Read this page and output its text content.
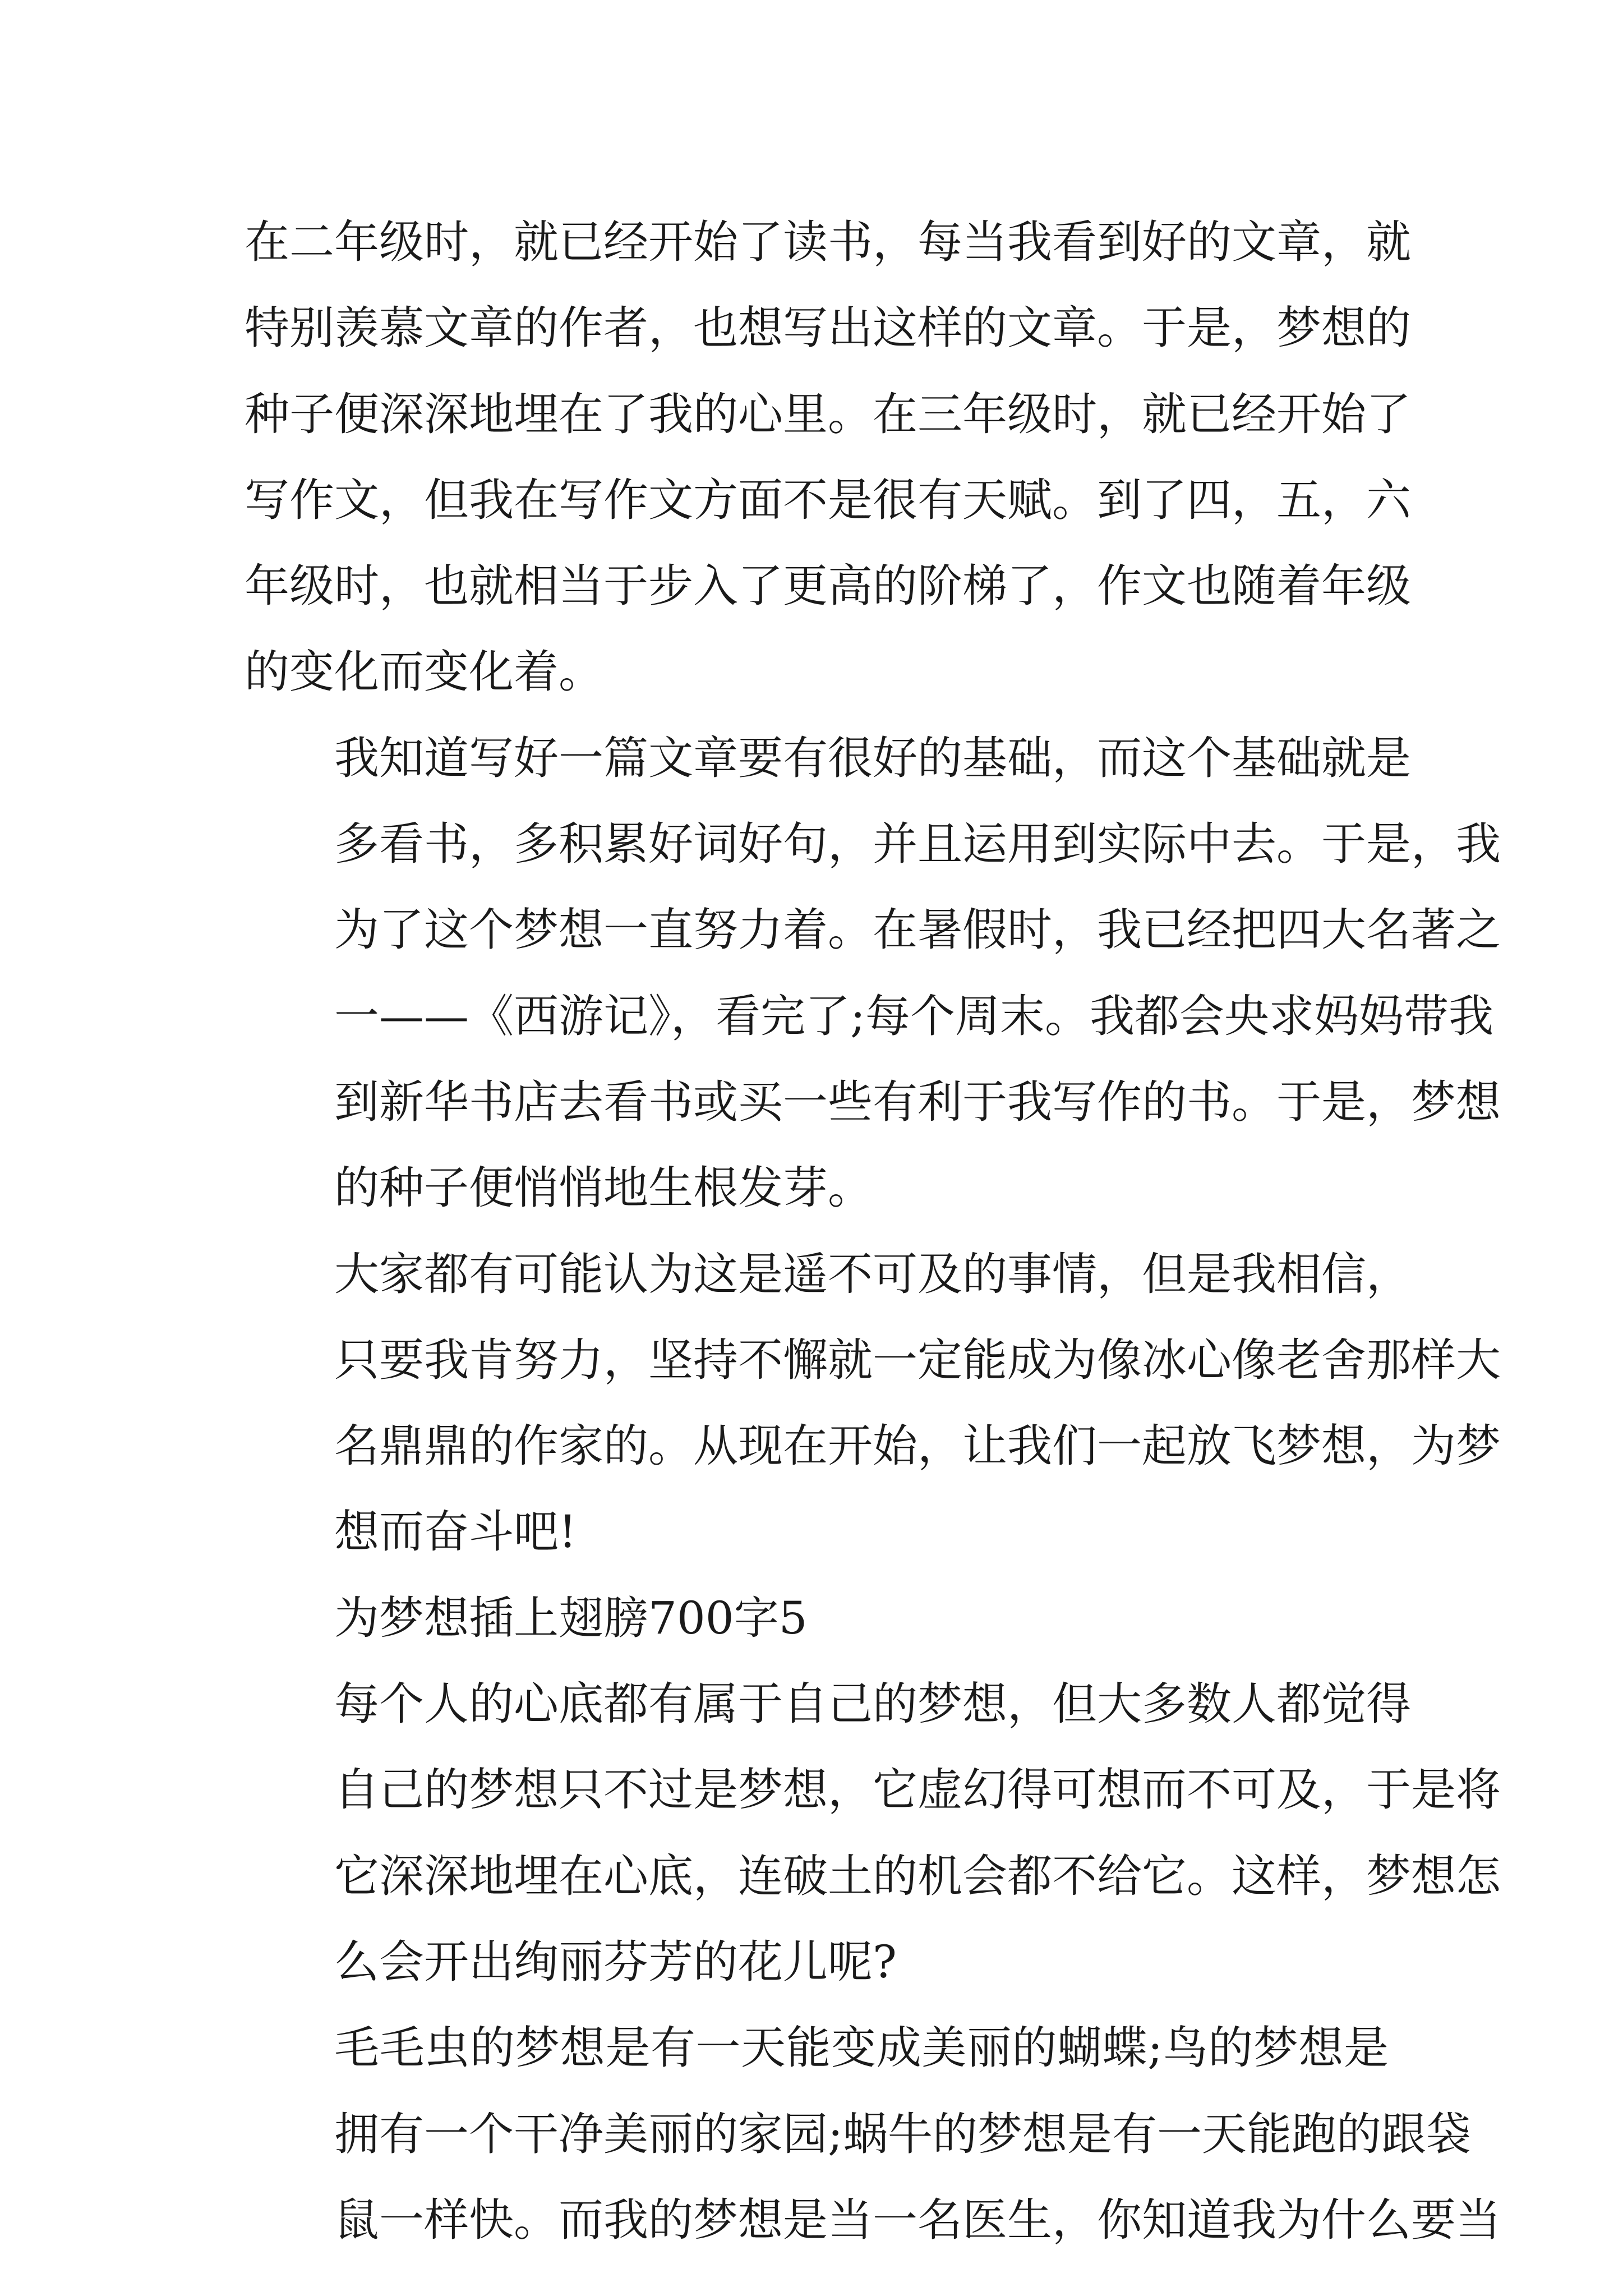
在二年级时，就已经开始了读书，每当我看到好的文章，就
特别羡慕文章的作者，也想写出这样的文章。于是，梦想的
种子便深深地埋在了我的心里。在三年级时，就已经开始了
写作文，但我在写作文方面不是很有天赋。到了四，五，六
年级时，也就相当于步入了更高的阶梯了，作文也随着年级
的变化而变化着。

我知道写好一篇文章要有很好的基础，而这个基础就是
多看书，多积累好词好句，并且运用到实际中去。于是，我
为了这个梦想一直努力着。在暑假时，我已经把四大名著之
一——《西游记》，看完了;每个周末。我都会央求妈妈带我
到新华书店去看书或买一些有利于我写作的书。于是，梦想
的种子便悄悄地生根发芽。

大家都有可能认为这是遥不可及的事情，但是我相信，
只要我肯努力，坚持不懈就一定能成为像冰心像老舍那样大
名鼎鼎的作家的。从现在开始，让我们一起放飞梦想，为梦
想而奋斗吧!

为梦想插上翅膀700字5

每个人的心底都有属于自己的梦想，但大多数人都觉得
自己的梦想只不过是梦想，它虚幻得可想而不可及，于是将
它深深地埋在心底，连破土的机会都不给它。这样，梦想怎
么会开出绚丽芬芳的花儿呢?

毛毛虫的梦想是有一天能变成美丽的蝴蝶;鸟的梦想是
拥有一个干净美丽的家园;蜗牛的梦想是有一天能跑的跟袋
鼠一样快。而我的梦想是当一名医生，你知道我为什么要当
